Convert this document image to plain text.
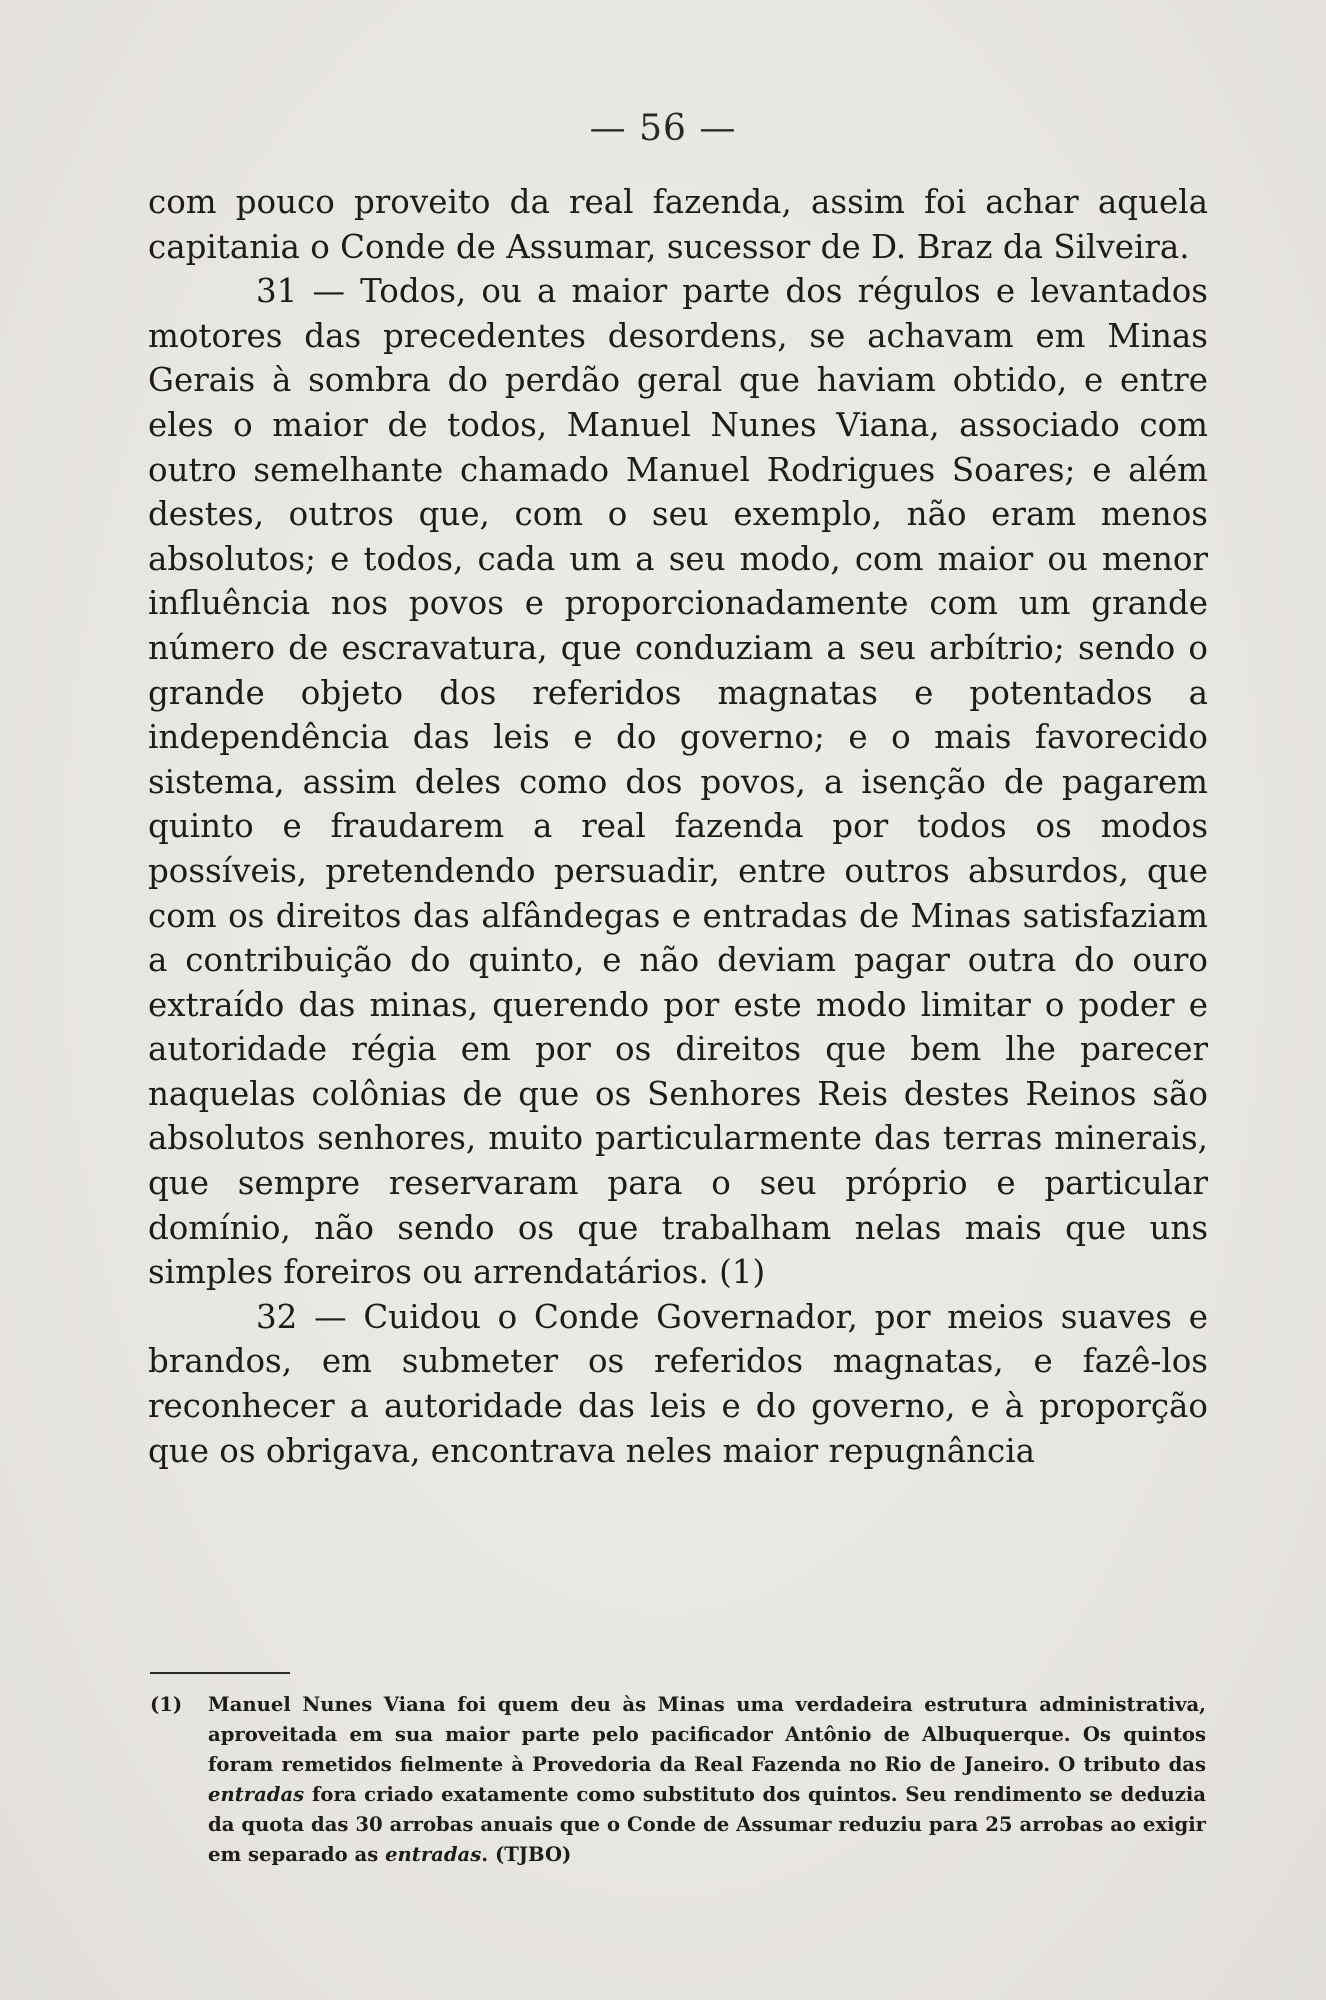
— 56 —

com pouco proveito da real fazenda, assim foi achar aquela capitania o Conde de Assumar, sucessor de D. Braz da Silveira.

31 — Todos, ou a maior parte dos régulos e levantados motores das precedentes desordens, se achavam em Minas Gerais à sombra do perdão geral que haviam obtido, e entre eles o maior de todos, Manuel Nunes Viana, associado com outro semelhante chamado Manuel Rodrigues Soares; e além destes, outros que, com o seu exemplo, não eram menos absolutos; e todos, cada um a seu modo, com maior ou menor influência nos povos e proporcionadamente com um grande número de escravatura, que conduziam a seu arbítrio; sendo o grande objeto dos referidos magnatas e potentados a independência das leis e do governo; e o mais favorecido sistema, assim deles como dos povos, a isenção de pagarem quinto e fraudarem a real fazenda por todos os modos possíveis, pretendendo persuadir, entre outros absurdos, que com os direitos das alfândegas e entradas de Minas satisfaziam a contribuição do quinto, e não deviam pagar outra do ouro extraído das minas, querendo por este modo limitar o poder e autoridade régia em por os direitos que bem lhe parecer naquelas colônias de que os Senhores Reis destes Reinos são absolutos senhores, muito particularmente das terras minerais, que sempre reservaram para o seu próprio e particular domínio, não sendo os que trabalham nelas mais que uns simples foreiros ou arrendatários. (1)

32 — Cuidou o Conde Governador, por meios suaves e brandos, em submeter os referidos magnatas, e fazê-los reconhecer a autoridade das leis e do governo, e à proporção que os obrigava, encontrava neles maior repugnância

(1) Manuel Nunes Viana foi quem deu às Minas uma verdadeira estrutura administrativa, aproveitada em sua maior parte pelo pacificador Antônio de Albuquerque. Os quintos foram remetidos fielmente à Provedoria da Real Fazenda no Rio de Janeiro. O tributo das entradas fora criado exatamente como substituto dos quintos. Seu rendimento se deduzia da quota das 30 arrobas anuais que o Conde de Assumar reduziu para 25 arrobas ao exigir em separado as entradas. (TJBO)
